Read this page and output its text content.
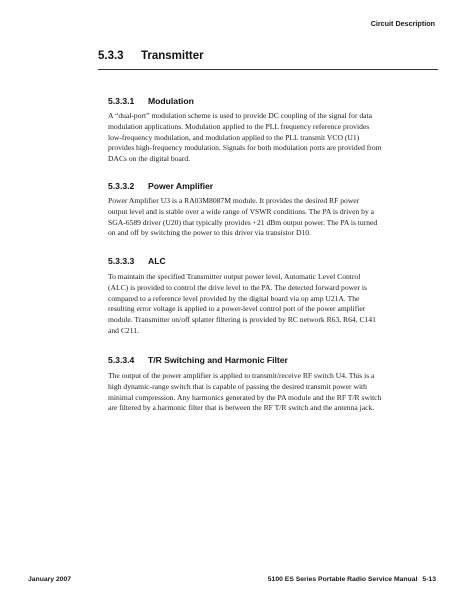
Circuit Description
5.3.3 Transmitter
5.3.3.1 Modulation
A “dual-port” modulation scheme is used to provide DC coupling of the signal for data
modulation applications. Modulation applied to the PLL frequency reference provides
low-frequency modulation, and modulation applied to the PLL transmit VCO (U1)
provides high-frequency modulation. Signals for both modulation ports are provided from
DACs on the digital board.
5.3.3.2 Power Amplifier
Power Amplifier U3 is a RA03M8087M module. It provides the desired RF power
output level and is stable over a wide range of VSWR conditions. The PA is driven by a
SGA-6589 driver (U20) that typically provides +21 dBm output power. The PA is turned
on and off by switching the power to this driver via transistor D10.
5.3.3.3 ALC
To maintain the specified Transmitter output power level, Automatic Level Control
(ALC) is provided to control the drive level to the PA. The detected forward power is
compared to a reference level provided by the digital board via op amp U21A. The
resulting error voltage is applied to a power-level control port of the power amplifier
module. Transmitter on/off splatter filtering is provided by RC network R63, R64, C141
and C211.
5.3.3.4 T/R Switching and Harmonic Filter
The output of the power amplifier is applied to transmit/receive RF switch U4. This is a
high dynamic-range switch that is capable of passing the desired transmit power with
minimal compression. Any harmonics generated by the PA module and the RF T/R switch
are filtered by a harmonic filter that is between the RF T/R switch and the antenna jack.
January 2007	5100 ES Series Portable Radio Service Manual 5-13
